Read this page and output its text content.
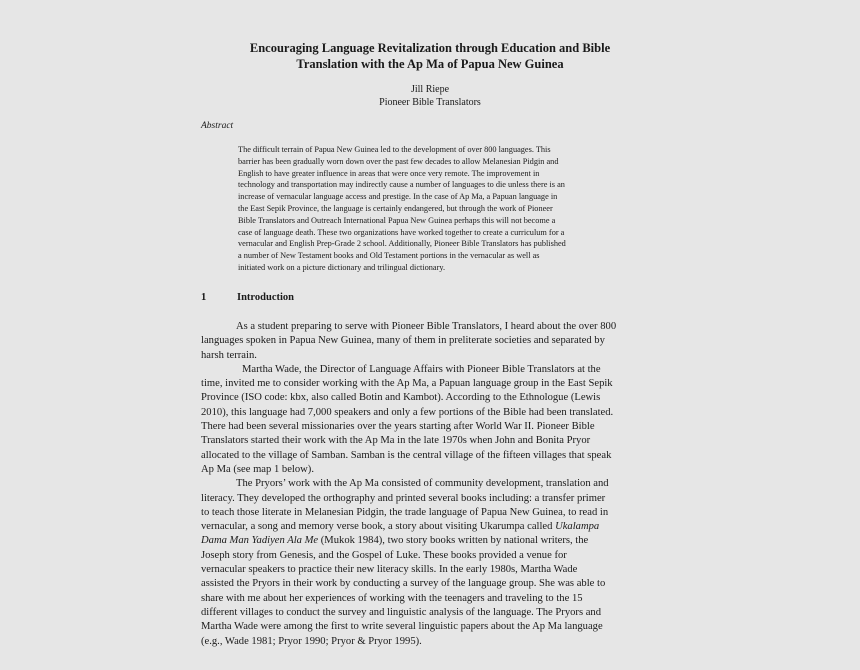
Encouraging Language Revitalization through Education and Bible
Translation with the Ap Ma of Papua New Guinea
Jill Riepe
Pioneer Bible Translators
Abstract
The difficult terrain of Papua New Guinea led to the development of over 800 languages. This
barrier has been gradually worn down over the past few decades to allow Melanesian Pidgin and
English to have greater influence in areas that were once very remote. The improvement in
technology and transportation may indirectly cause a number of languages to die unless there is an
increase of vernacular language access and prestige. In the case of Ap Ma, a Papuan language in
the East Sepik Province, the language is certainly endangered, but through the work of Pioneer
Bible Translators and Outreach International Papua New Guinea perhaps this will not become a
case of language death. These two organizations have worked together to create a curriculum for a
vernacular and English Prep-Grade 2 school. Additionally, Pioneer Bible Translators has published
a number of New Testament books and Old Testament portions in the vernacular as well as
initiated work on a picture dictionary and trilingual dictionary.
1	Introduction
As a student preparing to serve with Pioneer Bible Translators, I heard about the over 800
languages spoken in Papua New Guinea, many of them in preliterate societies and separated by
harsh terrain.
Martha Wade, the Director of Language Affairs with Pioneer Bible Translators at the
time, invited me to consider working with the Ap Ma, a Papuan language group in the East Sepik
Province (ISO code: kbx, also called Botin and Kambot). According to the Ethnologue (Lewis
2010), this language had 7,000 speakers and only a few portions of the Bible had been translated.
There had been several missionaries over the years starting after World War II. Pioneer Bible
Translators started their work with the Ap Ma in the late 1970s when John and Bonita Pryor
allocated to the village of Samban. Samban is the central village of the fifteen villages that speak
Ap Ma (see map 1 below).
The Pryors’ work with the Ap Ma consisted of community development, translation and
literacy. They developed the orthography and printed several books including: a transfer primer
to teach those literate in Melanesian Pidgin, the trade language of Papua New Guinea, to read in
vernacular, a song and memory verse book, a story about visiting Ukarumpa called Ukalampa
Dama Man Yadiyen Ala Me (Mukok 1984), two story books written by national writers, the
Joseph story from Genesis, and the Gospel of Luke. These books provided a venue for
vernacular speakers to practice their new literacy skills. In the early 1980s, Martha Wade
assisted the Pryors in their work by conducting a survey of the language group. She was able to
share with me about her experiences of working with the teenagers and traveling to the 15
different villages to conduct the survey and linguistic analysis of the language. The Pryors and
Martha Wade were among the first to write several linguistic papers about the Ap Ma language
(e.g., Wade 1981; Pryor 1990; Pryor & Pryor 1995).
